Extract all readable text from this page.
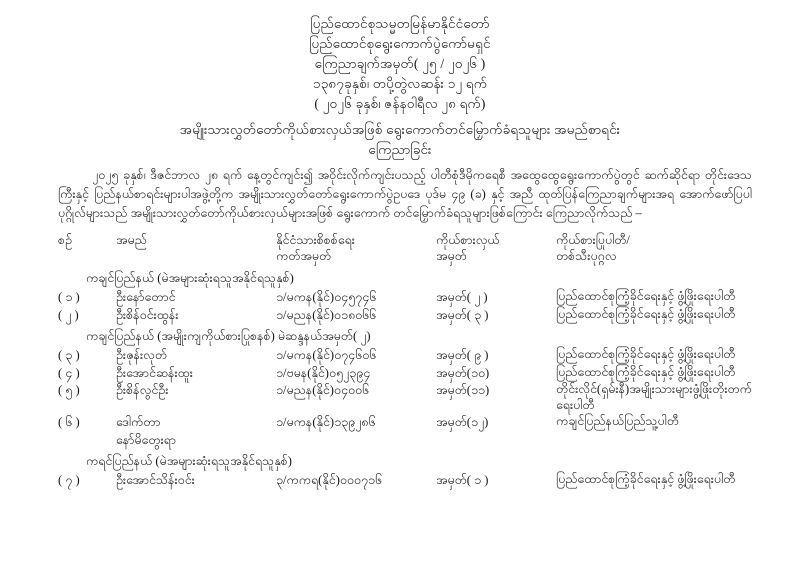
ပြည်ထောင်စုသမ္မတမြန်မာနိုင်ငံတော်
ပြည်ထောင်စုရွေးကောက်ပွဲကော်မရှင်
ကြေညာချက်အမှတ်( ၂၅ / ၂၀၂၆ )
၁၃၈၇ခုနှစ်၊ တပို့တွဲလဆန်း ၁၂ ရက်
( ၂၀၂၆ ခုနှစ်၊ ဇန်နဝါရီလ ၂၈ ရက်)
အမျိုးသားလွှတ်တော်ကိုယ်စားလှယ်အဖြစ် ရွေးကောက်တင်မြှောက်ခံရသူများ အမည်စာရင်း
ကြေညာခြင်း
၂၀၂၅ ခုနှစ်၊ ဒီဇင်ဘာလ ၂၈ ရက် နေ့တွင်ကျင်း၍ အဝိုင်းလိုက်ကျင်းပသည့် ပါတီစုံဒီမိုကရေစီ အထွေထွေရွေးကောက်ပွဲတွင် ဆက်ဆိုင်ရာ တိုင်းဒေသကြီးနှင့် ပြည်နယ်စာရင်းများပါအဖွဲ့တို့က အမျိုးသားလွှတ်တော်ရွေးကောက်ပွဲဥပဒေ ပုဒ်မ ၄၉ (ခ) နှင့် အညီ ထုတ်ပြန်ကြေညာချက်များအရ အောက်ဖော်ပြပါ ပုဂ္ဂိုလ်များသည် အမျိုးသားလွှတ်တော်ကိုယ်စားလှယ်များအဖြစ် ရွေးကောက် တင်မြှောက်ခံရသူများဖြစ်ကြောင်း ကြေညာလိုက်သည် –
စဉ်	အမည်	နိုင်ငံသားစိစစ်ရေး	ကိုယ်စားလှယ်	ကိုယ်စားပြုပါတီ/
ကတ်အမှတ်	အမှတ်	တစ်သီးပုဂ္ဂလ
ကချင်ပြည်နယ် (မဲအများဆုံးရသူအနိုင်ရသူနှစ်)
( ၁ )	ဦးနော်တောင်	၁/မကန(နိုင်)၀၄၅၇၄၆	အမှတ်( ၂ )	ပြည်ထောင်စုကြံ့ခိုင်ရေးနှင့် ဖွံ့ဖြိုးရေးပါတီ
( ၂ )	ဦးစိန်ဝင်းထွန်း	၁/မညန(နိုင်)၀၁၈၀၆၆	အမှတ်( ၃ )	ပြည်ထောင်စုကြံ့ခိုင်ရေးနှင့် ဖွံ့ဖြိုးရေးပါတီ
ကချင်ပြည်နယ် (အမျိုးကျကိုယ်စားပြုစနစ်) မဲဆန္ဒနယ်အမှတ်( ၂)
( ၃ )	ဦးဇုန်းလုတ်	၁/မကန(နိုင်)၀၇၄၆၀၆	အမှတ်( ၉ )	ပြည်ထောင်စုကြံ့ခိုင်ရေးနှင့် ဖွံ့ဖြိုးရေးပါတီ
( ၄ )	ဦးအောင်ဆန်းထူး	၁/ဗမန(နိုင်)၀၅၂၃၉၄	အမှတ်(၁၀)	ပြည်ထောင်စုကြံ့ခိုင်ရေးနှင့် ဖွံ့ဖြိုးရေးပါတီ
( ၅ )	ဦးစိန်လွင်ဦး	၁/မညန(နိုင်)၀၄၀၀၆	အမှတ်(၁၁)	တိုင်းလိုင်(ရှမ်းနီ)အမျိုးသားများဖွံ့ဖြိုးတိုးတက်ရေးပါတီ
( ၆ )	ဒေါက်တာ	၁/မကန(နိုင်)၁၃၉၂၈၆	အမှတ်(၁၂)	ကချင်ပြည်နယ်ပြည်သူ့ပါတီ
နော်မိတွေးရာ
ကရင်ပြည်နယ် (မဲအများဆုံးရသူအနိုင်ရသူနှစ်)
( ၇ )	ဦးအောင်သိန်းဝင်း	၃/ကကရ(နိုင်)၀၀၀၇၁၆	အမှတ်( ၁ )	ပြည်ထောင်စုကြံ့ခိုင်ရေးနှင့် ဖွံ့ဖြိုးရေးပါတီ
